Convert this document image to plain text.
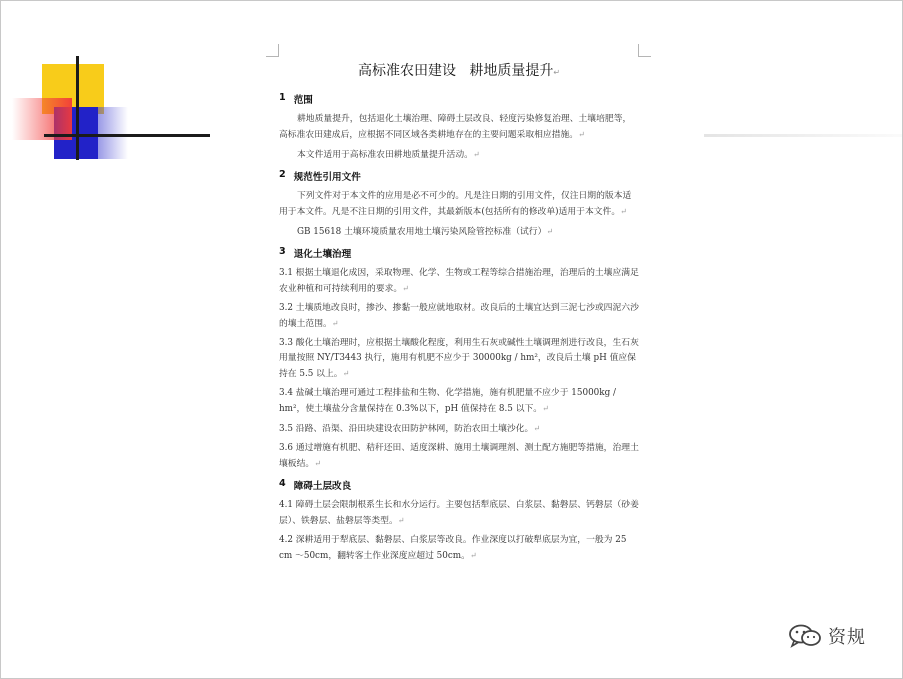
高标准农田建设   耕地质量提升↵
1 范围

耕地质量提升，包括退化土壤治理、障碍土层改良、轻度污染修复治理、土壤培肥等，高标准农田建成后，应根据不同区域各类耕地存在的主要问题采取相应措施。↵

本文件适用于高标准农田耕地质量提升活动。↵

2 规范性引用文件

下列文件对于本文件的应用是必不可少的。凡是注日期的引用文件，仅注日期的版本适用于本文件。凡是不注日期的引用文件，其最新版本(包括所有的修改单)适用于本文件。↵

GB 15618 土壤环境质量农用地土壤污染风险管控标准（试行）↵

3 退化土壤治理

3.1 根据土壤退化成因，采取物理、化学、生物或工程等综合措施治理，治理后的土壤应满足农业种植和可持续利用的要求。↵

3.2 土壤质地改良时，掺沙、掺黏一般应就地取材。改良后的土壤宜达到三泥七沙或四泥六沙的壤土范围。↵

3.3 酸化土壤治理时，应根据土壤酸化程度，利用生石灰或碱性土壤调理剂进行改良，生石灰用量按照 NY/T3443 执行，施用有机肥不应少于 30000kg / hm²，改良后土壤 pH 值应保持在 5.5 以上。↵

3.4 盐碱土壤治理可通过工程排盐和生物、化学措施，施有机肥量不应少于 15000kg / hm²，使土壤盐分含量保持在 0.3%以下，pH 值保持在 8.5 以下。↵

3.5 沿路、沿渠、沿田块建设农田防护林网，防治农田土壤沙化。↵

3.6 通过增施有机肥、秸秆还田、适度深耕、施用土壤调理剂、测土配方施肥等措施，治理土壤板结。↵

4 障碍土层改良

4.1 障碍土层会限制根系生长和水分运行。主要包括犁底层、白浆层、黏磐层、钙磐层（砂姜层）、铁磐层、盐磐层等类型。↵

4.2 深耕适用于犁底层、黏磐层、白浆层等改良。作业深度以打破犁底层为宜，一般为 25 cm ～50cm，翻转客土作业深度应超过 50cm。↵

资规
